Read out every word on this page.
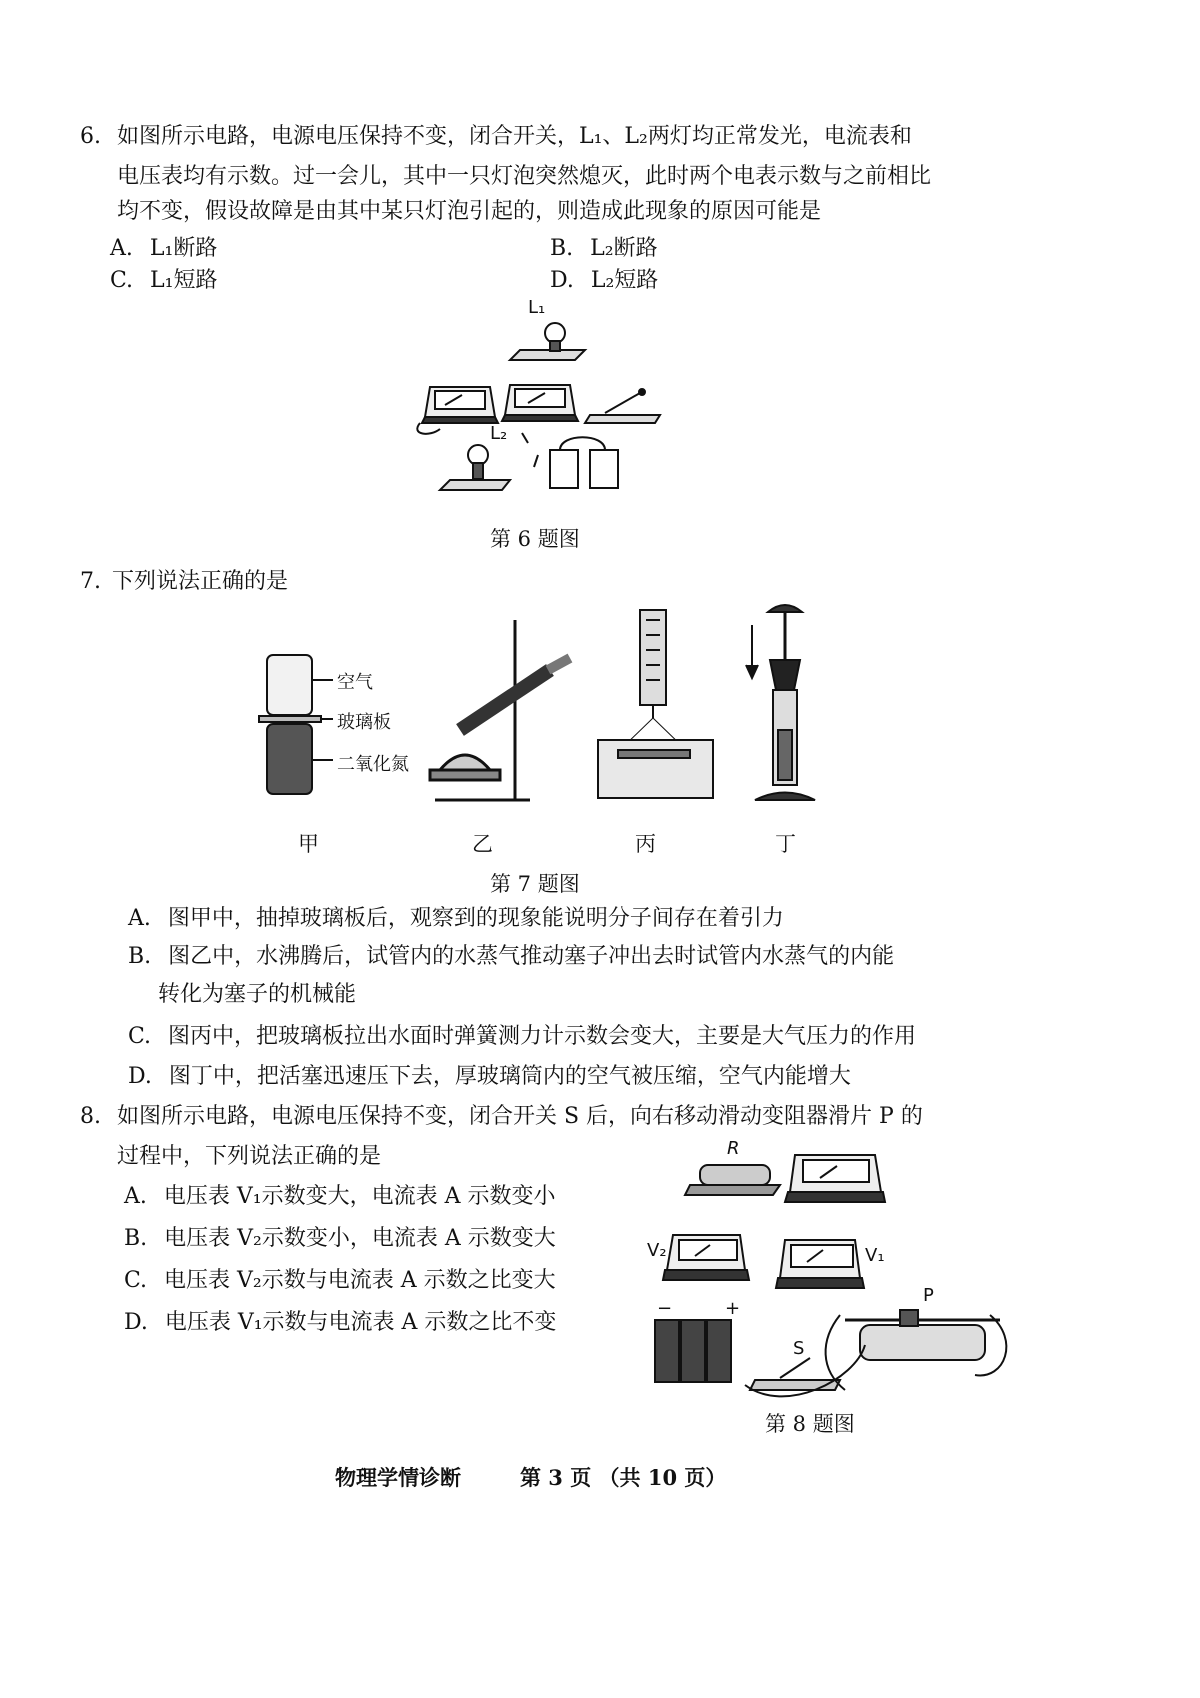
6. 如图所示电路，电源电压保持不变，闭合开关，L₁、L₂两灯均正常发光，电流表和
电压表均有示数。过一会儿，其中一只灯泡突然熄灭，此时两个电表示数与之前相比
均不变，假设故障是由其中某只灯泡引起的，则造成此现象的原因可能是
A. L₁断路	B. L₂断路
C. L₁短路	D. L₂短路
L₁
L₂
第 6 题图
7. 下列说法正确的是
空气
玻璃板
二氧化氮
甲	乙	丙	丁
第 7 题图
A. 图甲中，抽掉玻璃板后，观察到的现象能说明分子间存在着引力
B. 图乙中，水沸腾后，试管内的水蒸气推动塞子冲出去时试管内水蒸气的内能
转化为塞子的机械能
C. 图丙中，把玻璃板拉出水面时弹簧测力计示数会变大，主要是大气压力的作用
D. 图丁中，把活塞迅速压下去，厚玻璃筒内的空气被压缩，空气内能增大
8. 如图所示电路，电源电压保持不变，闭合开关 S 后，向右移动滑动变阻器滑片 P 的
过程中，下列说法正确的是
A. 电压表 V₁示数变大，电流表 A 示数变小
B. 电压表 V₂示数变小，电流表 A 示数变大
C. 电压表 V₂示数与电流表 A 示数之比变大
D. 电压表 V₁示数与电流表 A 示数之比不变
R
V₂	V₁
P
S
−	+
第 8 题图
物理学情诊断	第 3 页 （共 10 页）
